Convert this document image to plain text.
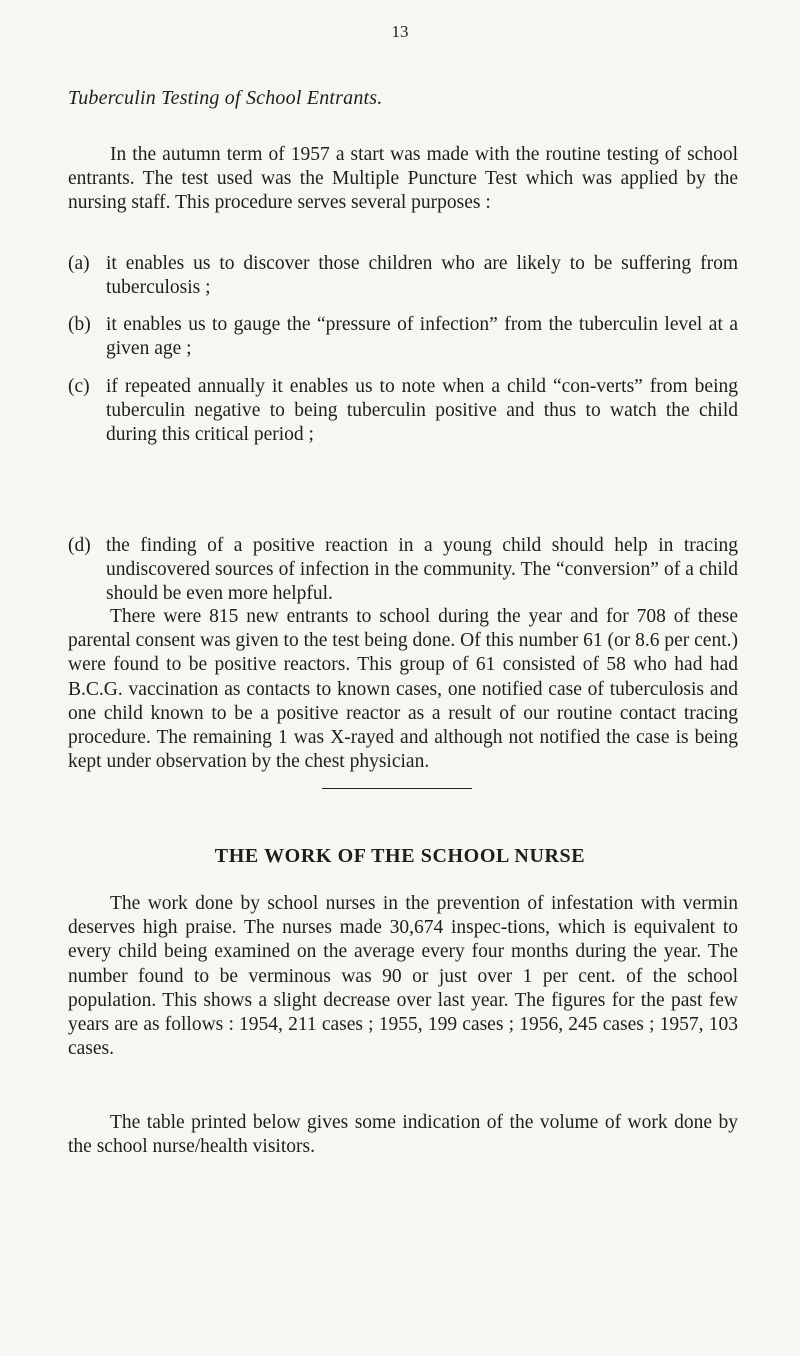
13
Tuberculin Testing of School Entrants.
In the autumn term of 1957 a start was made with the routine testing of school entrants. The test used was the Multiple Puncture Test which was applied by the nursing staff. This procedure serves several purposes :
(a) it enables us to discover those children who are likely to be suffering from tuberculosis ;
(b) it enables us to gauge the “pressure of infection” from the tuberculin level at a given age ;
(c) if repeated annually it enables us to note when a child “con-verts” from being tuberculin negative to being tuberculin positive and thus to watch the child during this critical period ;
(d) the finding of a positive reaction in a young child should help in tracing undiscovered sources of infection in the community. The “conversion” of a child should be even more helpful.
There were 815 new entrants to school during the year and for 708 of these parental consent was given to the test being done. Of this number 61 (or 8.6 per cent.) were found to be positive reactors. This group of 61 consisted of 58 who had had B.C.G. vaccination as contacts to known cases, one notified case of tuberculosis and one child known to be a positive reactor as a result of our routine contact tracing procedure. The remaining 1 was X-rayed and although not notified the case is being kept under observation by the chest physician.
THE WORK OF THE SCHOOL NURSE
The work done by school nurses in the prevention of infestation with vermin deserves high praise. The nurses made 30,674 inspec-tions, which is equivalent to every child being examined on the average every four months during the year. The number found to be verminous was 90 or just over 1 per cent. of the school population. This shows a slight decrease over last year. The figures for the past few years are as follows : 1954, 211 cases ; 1955, 199 cases ; 1956, 245 cases ; 1957, 103 cases.
The table printed below gives some indication of the volume of work done by the school nurse/health visitors.
